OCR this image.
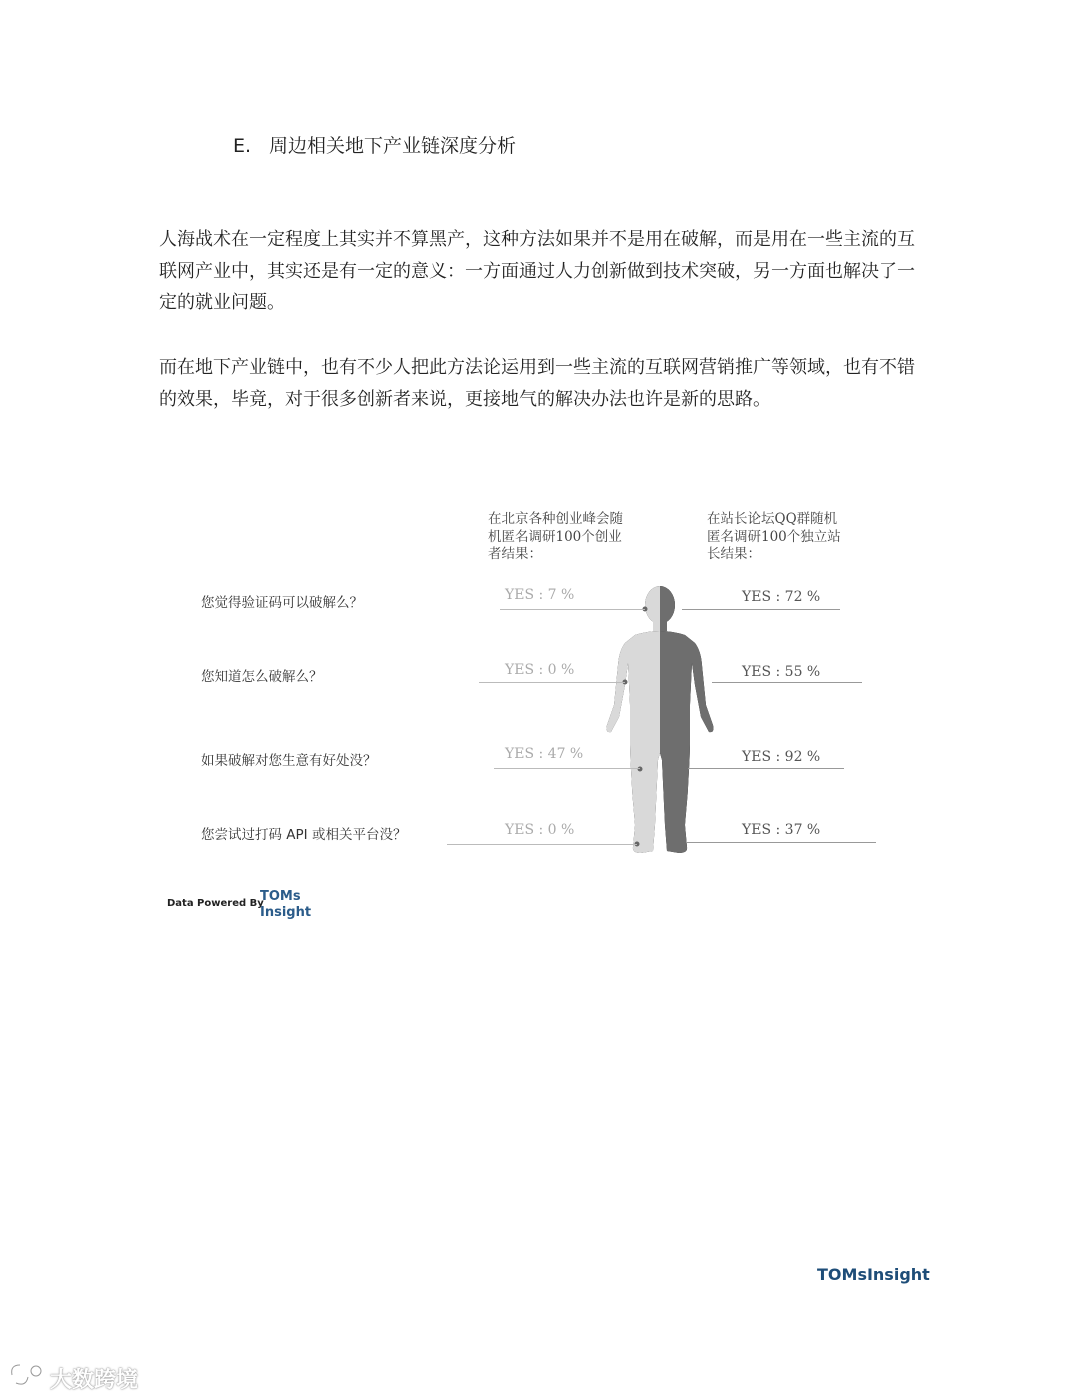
E. 周边相关地下产业链深度分析
人海战术在一定程度上其实并不算黑产，这种方法如果并不是用在破解，而是用在一些主流的互联网产业中，其实还是有一定的意义：一方面通过人力创新做到技术突破，另一方面也解决了一定的就业问题。
而在地下产业链中，也有不少人把此方法论运用到一些主流的互联网营销推广等领域，也有不错的效果，毕竟，对于很多创新者来说，更接地气的解决办法也许是新的思路。
在北京各种创业峰会随
机匿名调研100个创业
者结果：
在站长论坛QQ群随机
匿名调研100个独立站
长结果：
您觉得验证码可以破解么？	YES : 7 %	YES : 72 %
您知道怎么破解么？	YES : 0 %	YES : 55 %
如果破解对您生意有好处没？	YES : 47 %	YES : 92 %
您尝试过打码 API 或相关平台没？	YES : 0 %	YES : 37 %
Data Powered By
TOMs
Insight
TOMsInsight
大数跨境
